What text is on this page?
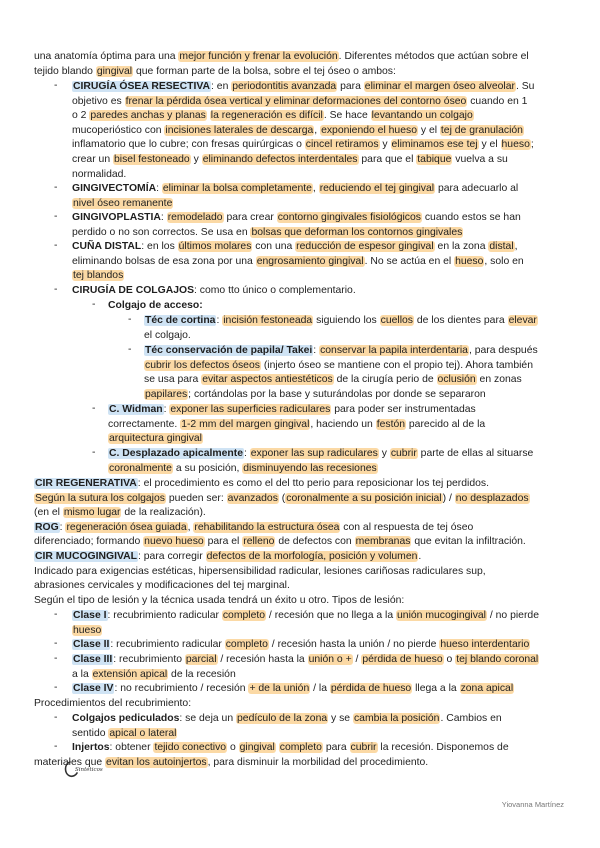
una anatomía óptima para una mejor función y frenar la evolución. Diferentes métodos que actúan sobre el
tejido blando gingival que forman parte de la bolsa, sobre el tej óseo o ambos:
- CIRUGÍA ÓSEA RESECTIVA: en periodontitis avanzada para eliminar el margen óseo alveolar. Su
objetivo es frenar la pérdida ósea vertical y eliminar deformaciones del contorno óseo cuando en 1
o 2 paredes anchas y planas la regeneración es difícil. Se hace levantando un colgajo
mucoperióstico con incisiones laterales de descarga, exponiendo el hueso y el tej de granulación
inflamatorio que lo cubre; con fresas quirúrgicas o cincel retiramos y eliminamos ese tej y el hueso;
crear un bisel festoneado y eliminando defectos interdentales para que el tabique vuelva a su
normalidad.
- GINGIVECTOMÍA: eliminar la bolsa completamente, reduciendo el tej gingival para adecuarlo al
nivel óseo remanente
- GINGIVOPLASTIA: remodelado para crear contorno gingivales fisiológicos cuando estos se han
perdido o no son correctos. Se usa en bolsas que deforman los contornos gingivales
- CUÑA DISTAL: en los últimos molares con una reducción de espesor gingival en la zona distal,
eliminando bolsas de esa zona por una engrosamiento gingival. No se actúa en el hueso, solo en
tej blandos
- CIRUGÍA DE COLGAJOS: como tto único o complementario.
- Colgajo de acceso:
- Téc de cortina: incisión festoneada siguiendo los cuellos de los dientes para elevar
el colgajo.
- Téc conservación de papila/ Takei: conservar la papila interdentaria, para después
cubrir los defectos óseos (injerto óseo se mantiene con el propio tej). Ahora también
se usa para evitar aspectos antiestéticos de la cirugía perio de oclusión en zonas
papilares; cortándolas por la base y suturándolas por donde se separaron
- C. Widman: exponer las superficies radiculares para poder ser instrumentadas
correctamente. 1-2 mm del margen gingival, haciendo un festón parecido al de la
arquitectura gingival
- C. Desplazado apicalmente: exponer las sup radiculares y cubrir parte de ellas al situarse
coronalmente a su posición, disminuyendo las recesiones
CIR REGENERATIVA: el procedimiento es como el del tto perio para reposicionar los tej perdidos.
Según la sutura los colgajos pueden ser: avanzados (coronalmente a su posición inicial) / no desplazados
(en el mismo lugar de la realización).
ROG: regeneración ósea guiada, rehabilitando la estructura ósea con al respuesta de tej óseo
diferenciado; formando nuevo hueso para el relleno de defectos con membranas que evitan la infiltración.
CIR MUCOGINGIVAL: para corregir defectos de la morfología, posición y volumen.
Indicado para exigencias estéticas, hipersensibilidad radicular, lesiones cariñosas radiculares sup,
abrasiones cervicales y modificaciones del tej marginal.
Según el tipo de lesión y la técnica usada tendrá un éxito u otro. Tipos de lesión:
- Clase I: recubrimiento radicular completo / recesión que no llega a la unión mucogingival / no pierde
hueso
- Clase II: recubrimiento radicular completo / recesión hasta la unión / no pierde hueso interdentario
- Clase III: recubrimiento parcial / recesión hasta la unión o + / pérdida de hueso o tej blando coronal
a la extensión apical de la recesión
- Clase IV: no recubrimiento / recesión + de la unión / la pérdida de hueso llega a la zona apical
Procedimientos del recubrimiento:
- Colgajos pediculados: se deja un pedículo de la zona y se cambia la posición. Cambios en
sentido apical o lateral
- Injertos: obtener tejido conectivo o gingival completo para cubrir la recesión. Disponemos de
materiales que evitan los autoinjertos, para disminuir la morbilidad del procedimiento.
Sintéticos
Yiovanna Martínez
